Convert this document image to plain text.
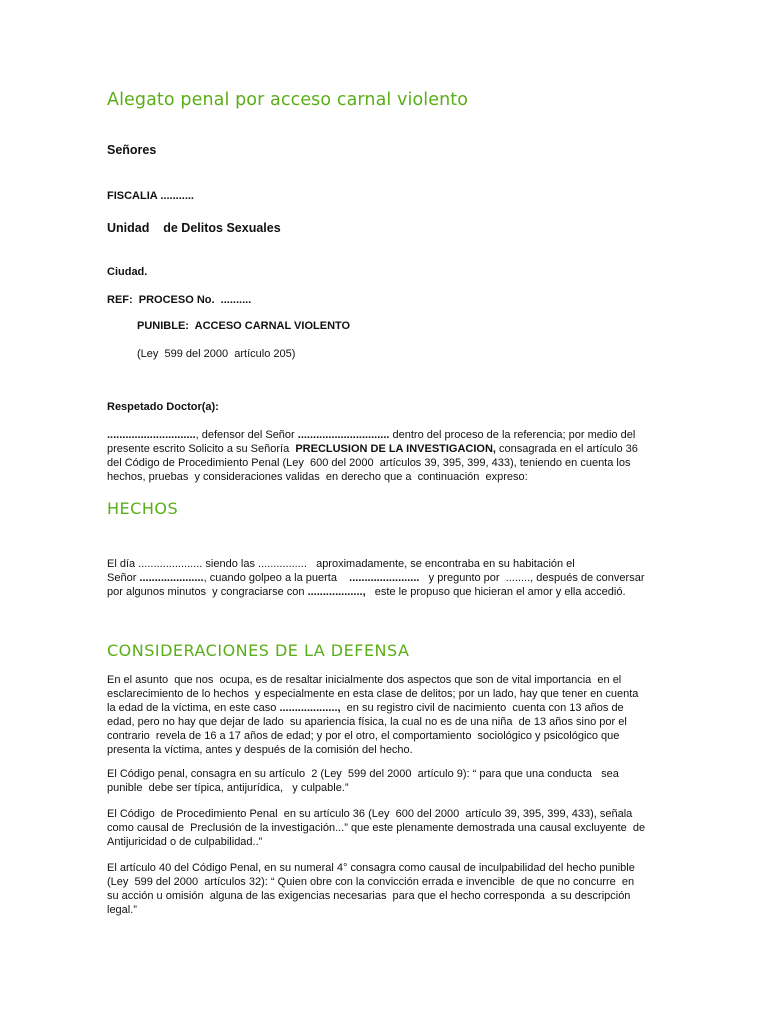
Alegato penal por acceso carnal violento
Señores
FISCALIA ...........
Unidad    de Delitos Sexuales
Ciudad.
REF:  PROCESO No.  ..........
PUNIBLE:  ACCESO CARNAL VIOLENTO
(Ley  599 del 2000  artículo 205)
Respetado Doctor(a):
............................., defensor del Señor .............................. dentro del proceso de la referencia; por medio del
presente escrito Solicito a su Señoría  PRECLUSION DE LA INVESTIGACION, consagrada en el artículo 36
del Código de Procedimiento Penal (Ley  600 del 2000  artículos 39, 395, 399, 433), teniendo en cuenta los
hechos, pruebas  y consideraciones validas  en derecho que a  continuación  expreso:
HECHOS
El día ..................... siendo las ................   aproximadamente, se encontraba en su habitación el
Señor ....................., cuando golpeo a la puerta    .......................   y pregunto por  ........, después de conversar
por algunos minutos  y congraciarse con ..................,   este le propuso que hicieran el amor y ella accedió.
CONSIDERACIONES DE LA DEFENSA
En el asunto  que nos  ocupa, es de resaltar inicialmente dos aspectos que son de vital importancia  en el
esclarecimiento de lo hechos  y especialmente en esta clase de delitos; por un lado, hay que tener en cuenta
la edad de la víctima, en este caso ...................,  en su registro civil de nacimiento  cuenta con 13 años de
edad, pero no hay que dejar de lado  su apariencia física, la cual no es de una niña  de 13 años sino por el
contrario  revela de 16 a 17 años de edad; y por el otro, el comportamiento  sociológico y psicológico que
presenta la víctima, antes y después de la comisión del hecho.
El Código penal, consagra en su artículo  2 (Ley  599 del 2000  artículo 9): “ para que una conducta   sea
punible  debe ser típica, antijurídica,   y culpable.”
El Código  de Procedimiento Penal  en su artículo 36 (Ley  600 del 2000  artículo 39, 395, 399, 433), señala
como causal de  Preclusión de la investigación...” que este plenamente demostrada una causal excluyente  de
Antijuricidad o de culpabilidad..”
El artículo 40 del Código Penal, en su numeral 4° consagra como causal de inculpabilidad del hecho punible
(Ley  599 del 2000  artículos 32): “ Quien obre con la convicción errada e invencible  de que no concurre  en
su acción u omisión  alguna de las exigencias necesarias  para que el hecho corresponda  a su descripción
legal.”
